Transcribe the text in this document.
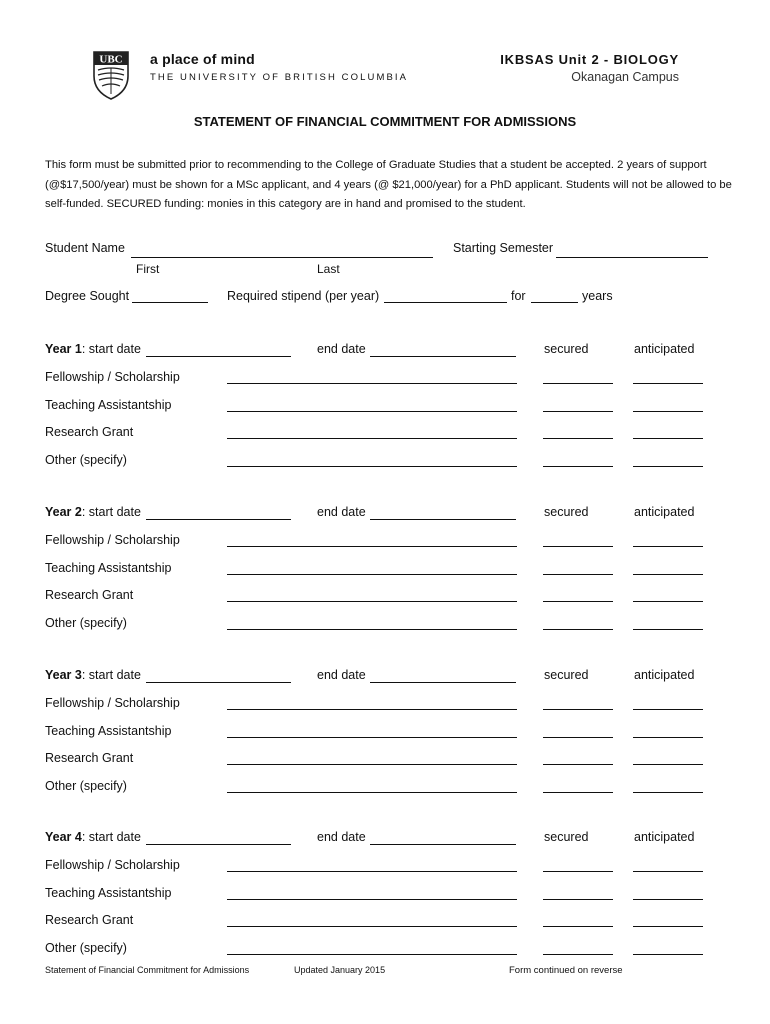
UBC a place of mind
THE UNIVERSITY OF BRITISH COLUMBIA
IKBSAS Unit 2 - BIOLOGY
Okanagan Campus
STATEMENT OF FINANCIAL COMMITMENT FOR ADMISSIONS
This form must be submitted prior to recommending to the College of Graduate Studies that a student be accepted. 2 years of support (@$17,500/year) must be shown for a MSc applicant, and 4 years (@ $21,000/year) for a PhD applicant. Students will not be allowed to be self-funded. SECURED funding: monies in this category are in hand and promised to the student.
Student Name
First	Last
Starting Semester
Degree Sought	Required stipend (per year)	for	years
Year 1: start date	end date	secured	anticipated
Fellowship / Scholarship
Teaching Assistantship
Research Grant
Other (specify)
Year 2: start date	end date	secured	anticipated
Fellowship / Scholarship
Teaching Assistantship
Research Grant
Other (specify)
Year 3: start date	end date	secured	anticipated
Fellowship / Scholarship
Teaching Assistantship
Research Grant
Other (specify)
Year 4: start date	end date	secured	anticipated
Fellowship / Scholarship
Teaching Assistantship
Research Grant
Other (specify)
Statement of Financial Commitment for Admissions	Updated January 2015	Form continued on reverse
